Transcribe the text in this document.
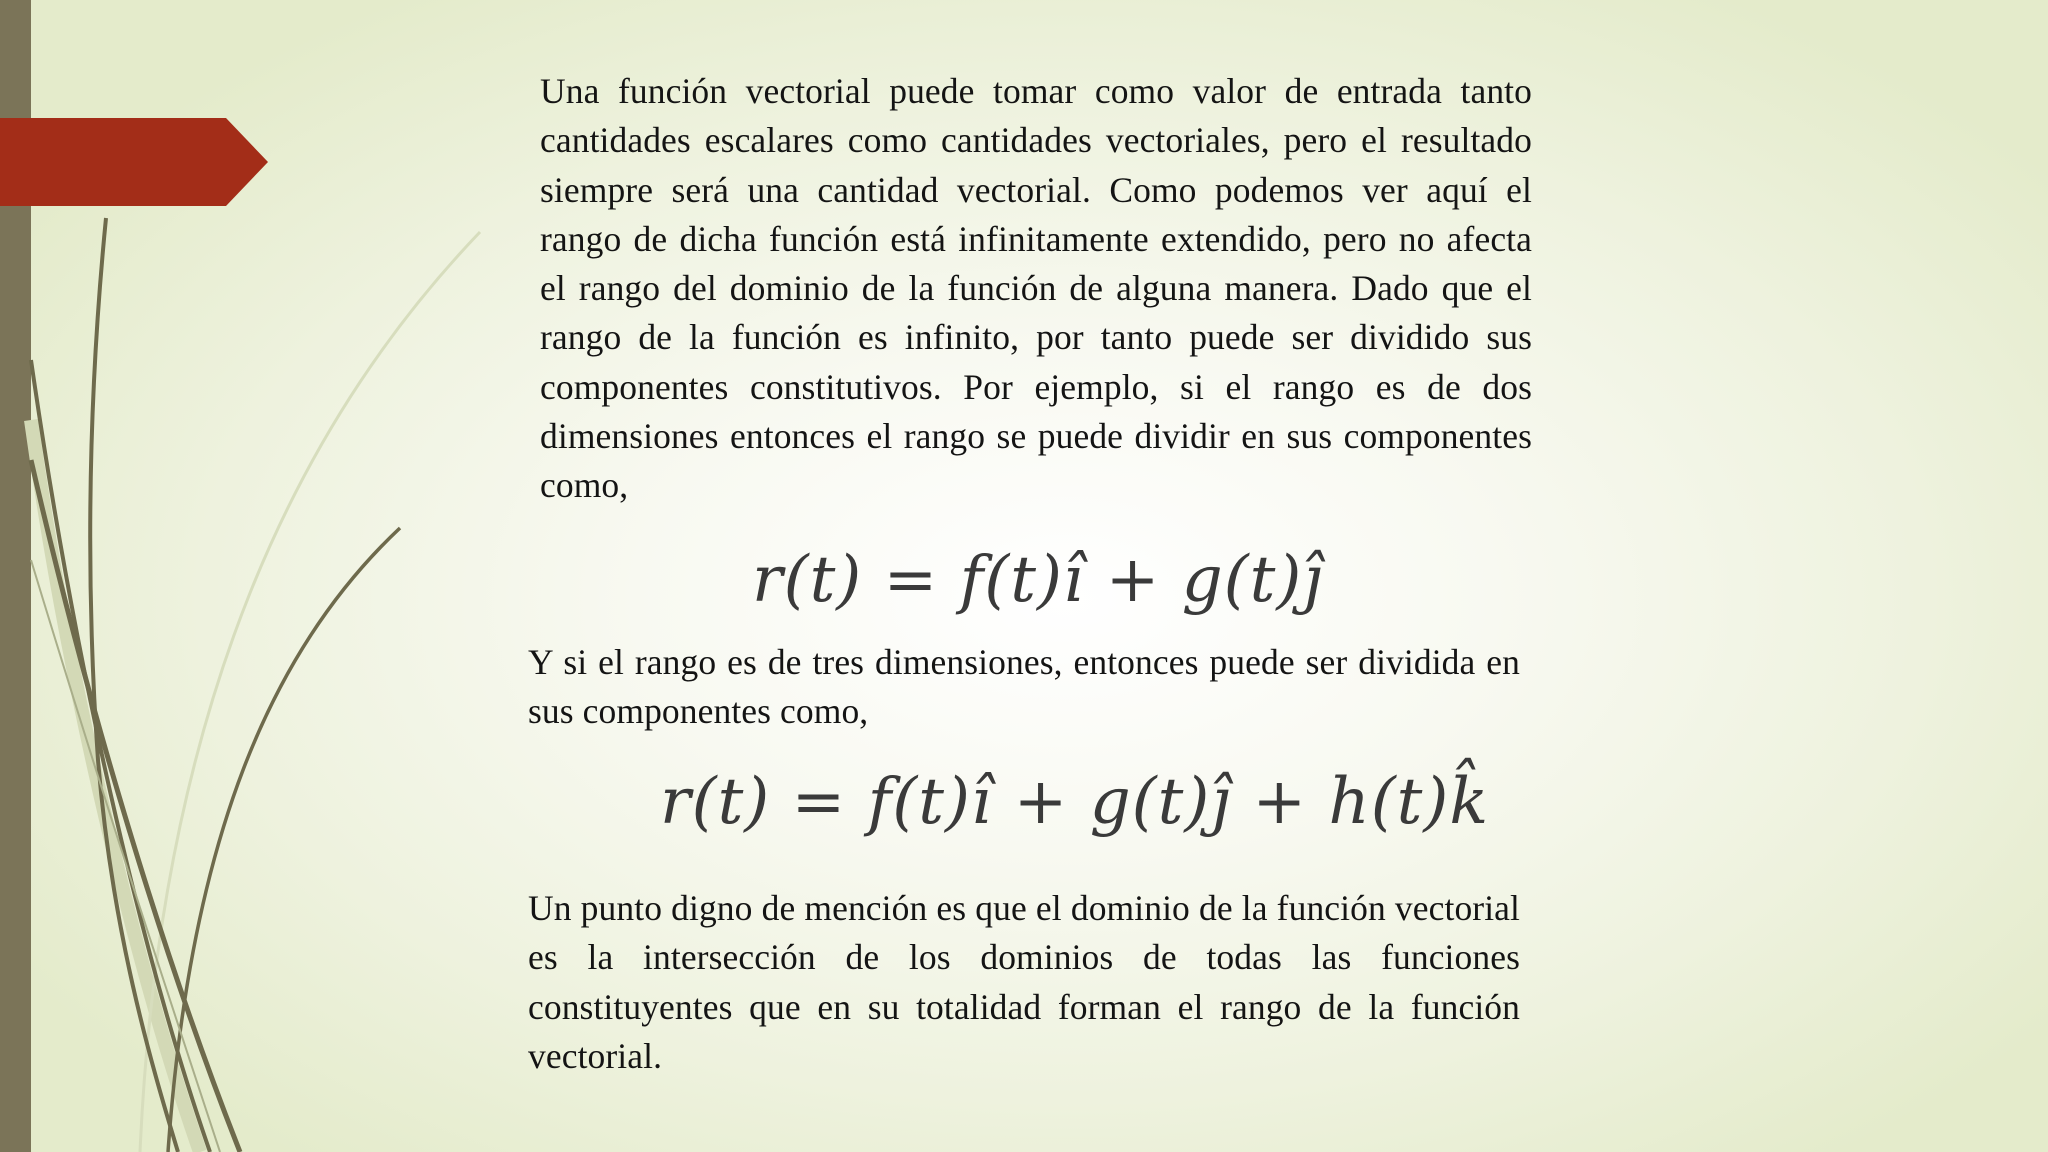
Una función vectorial puede tomar como valor de entrada tanto cantidades escalares como cantidades vectoriales, pero el resultado siempre será una cantidad vectorial. Como podemos ver aquí el rango de dicha función está infinitamente extendido, pero no afecta el rango del dominio de la función de alguna manera. Dado que el rango de la función es infinito, por tanto puede ser dividido sus componentes constitutivos. Por ejemplo, si el rango es de dos dimensiones entonces el rango se puede dividir en sus componentes como,

r(t) = f(t)î + g(t)ĵ

Y si el rango es de tres dimensiones, entonces puede ser dividida en sus componentes como,

r(t) = f(t)î + g(t)ĵ + h(t)k̂

Un punto digno de mención es que el dominio de la función vectorial es la intersección de los dominios de todas las funciones constituyentes que en su totalidad forman el rango de la función vectorial.
